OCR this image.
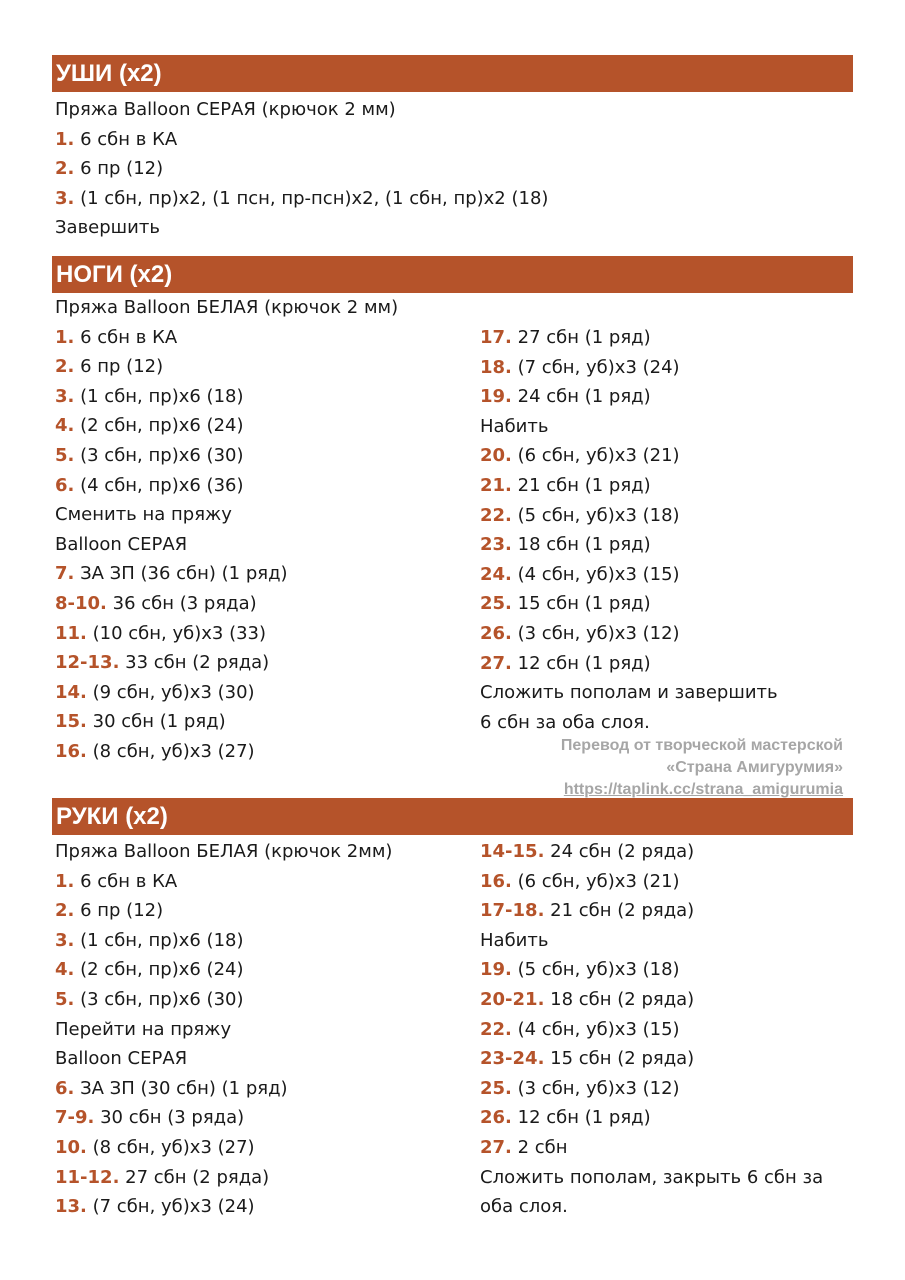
УШИ (х2)
Пряжа Balloon СЕРАЯ (крючок 2 мм)
1. 6 сбн в КА
2. 6 пр (12)
3. (1 сбн, пр)х2, (1 псн, пр-псн)х2, (1 сбн, пр)х2 (18)
Завершить
НОГИ (х2)
Пряжа Balloon БЕЛАЯ (крючок 2 мм)
1. 6 сбн в КА
2. 6 пр (12)
3. (1 сбн, пр)х6 (18)
4. (2 сбн, пр)х6 (24)
5. (3 сбн, пр)х6 (30)
6. (4 сбн, пр)х6 (36)
Сменить на пряжу
Balloon СЕРАЯ
7. ЗА ЗП (36 сбн) (1 ряд)
8-10. 36 сбн (3 ряда)
11. (10 сбн, уб)х3 (33)
12-13. 33 сбн (2 ряда)
14. (9 сбн, уб)х3 (30)
15. 30 сбн (1 ряд)
16. (8 сбн, уб)х3 (27)
17. 27 сбн (1 ряд)
18. (7 сбн, уб)х3 (24)
19. 24 сбн (1 ряд)
Набить
20. (6 сбн, уб)х3 (21)
21. 21 сбн (1 ряд)
22. (5 сбн, уб)х3 (18)
23. 18 сбн (1 ряд)
24. (4 сбн, уб)х3 (15)
25. 15 сбн (1 ряд)
26. (3 сбн, уб)х3 (12)
27. 12 сбн (1 ряд)
Сложить пополам и завершить
6 сбн за оба слоя.
Перевод от творческой мастерской
«Страна Амигурумия»
https://taplink.cc/strana_amigurumia
РУКИ (х2)
Пряжа Balloon БЕЛАЯ (крючок 2мм)
1. 6 сбн в КА
2. 6 пр (12)
3. (1 сбн, пр)х6 (18)
4. (2 сбн, пр)х6 (24)
5. (3 сбн, пр)х6 (30)
Перейти на пряжу
Balloon СЕРАЯ
6. ЗА ЗП (30 сбн) (1 ряд)
7-9. 30 сбн (3 ряда)
10. (8 сбн, уб)х3 (27)
11-12. 27 сбн (2 ряда)
13. (7 сбн, уб)х3 (24)
14-15. 24 сбн (2 ряда)
16. (6 сбн, уб)х3 (21)
17-18. 21 сбн (2 ряда)
Набить
19. (5 сбн, уб)х3 (18)
20-21. 18 сбн (2 ряда)
22. (4 сбн, уб)х3 (15)
23-24. 15 сбн (2 ряда)
25. (3 сбн, уб)х3 (12)
26. 12 сбн (1 ряд)
27. 2 сбн
Сложить пополам, закрыть 6 сбн за
оба слоя.
